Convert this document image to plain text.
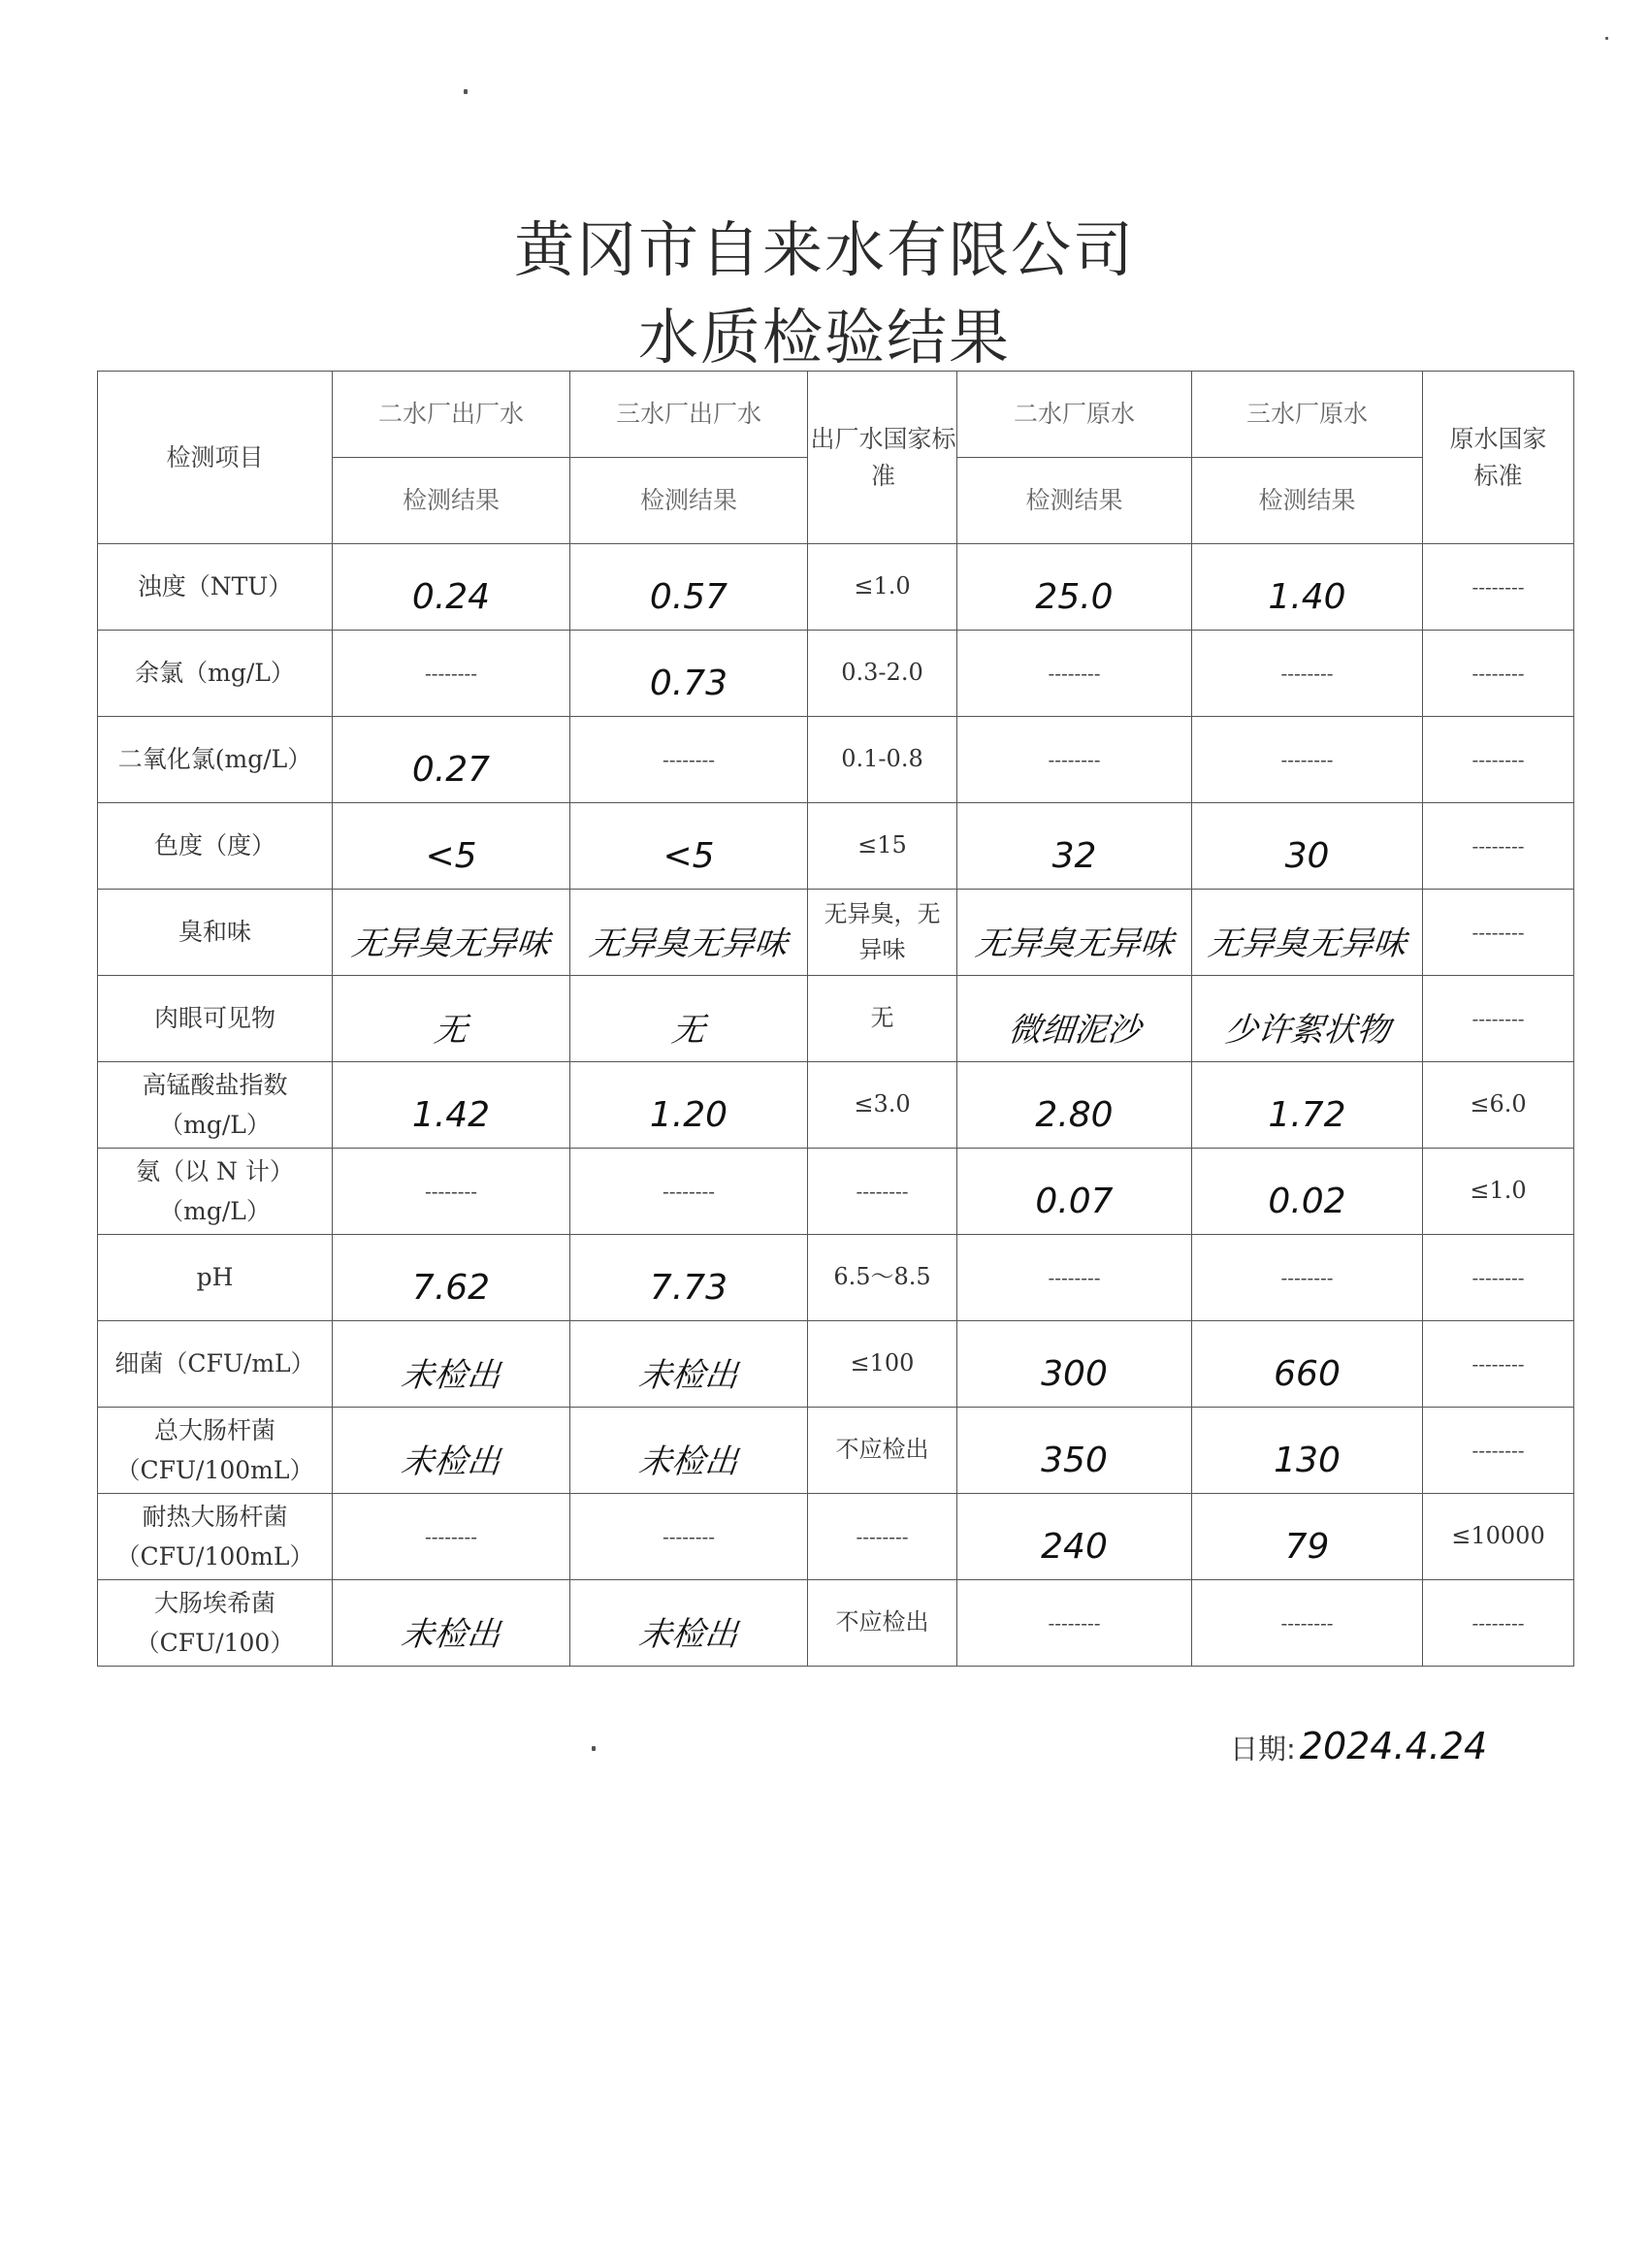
黄冈市自来水有限公司
水质检验结果
检测项目	二水厂出厂水	三水厂出厂水	出厂水国家标准	二水厂原水	三水厂原水	原水国家标准

	检测结果	检测结果		检测结果	检测结果	
浊度（NTU）	0.24	0.57	≤1.0	25.0	1.40	--------
余氯（mg/L）	--------	0.73	0.3-2.0	--------	--------	--------
二氧化氯(mg/L）	0.27	--------	0.1-0.8	--------	--------	--------
色度（度）	<5	<5	≤15	32	30	--------
臭和味	无异臭无异味	无异臭无异味	无异臭，无异味	无异臭无异味	无异臭无异味	--------
肉眼可见物	无	无	无	微细泥沙	少许絮状物	--------
高锰酸盐指数（mg/L）	1.42	1.20	≤3.0	2.80	1.72	≤6.0
氨（以 N 计）（mg/L）	--------	--------	--------	0.07	0.02	≤1.0
pH	7.62	7.73	6.5～8.5	--------	--------	--------
细菌（CFU/mL）	未检出	未检出	≤100	300	660	--------
总大肠杆菌（CFU/100mL）	未检出	未检出	不应检出	350	130	--------
耐热大肠杆菌（CFU/100mL）	--------	--------	--------	240	79	≤10000
大肠埃希菌（CFU/100）	未检出	未检出	不应检出	--------	--------	--------
日期: 2024.4.24
